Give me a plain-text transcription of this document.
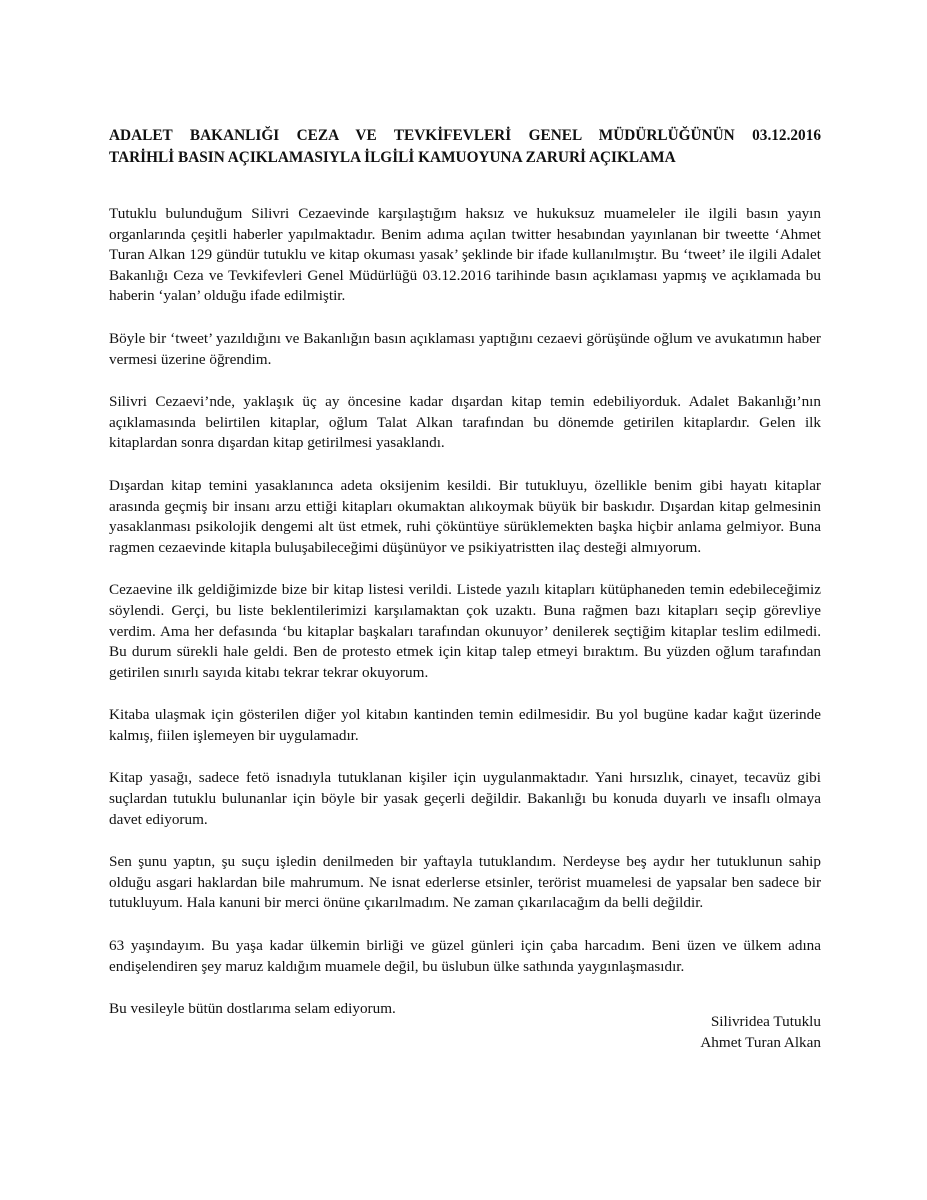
ADALET BAKANLIĞI CEZA VE TEVKİFEVLERİ GENEL MÜDÜRLÜĞÜNÜN 03.12.2016
TARİHLİ BASIN AÇIKLAMASIYLA İLGİLİ KAMUOYUNA ZARURİ AÇIKLAMA

Tutuklu bulunduğum Silivri Cezaevinde karşılaştığım haksız ve hukuksuz muameleler ile ilgili basın yayın organlarında çeşitli haberler yapılmaktadır. Benim adıma açılan twitter hesabından yayınlanan bir tweette ‘Ahmet Turan Alkan 129 gündür tutuklu ve kitap okuması yasak’ şeklinde bir ifade kullanılmıştır. Bu ‘tweet’ ile ilgili Adalet Bakanlığı Ceza ve Tevkifevleri Genel Müdürlüğü 03.12.2016 tarihinde basın açıklaması yapmış ve açıklamada bu haberin ‘yalan’ olduğu ifade edilmiştir.

Böyle bir ‘tweet’ yazıldığını ve Bakanlığın basın açıklaması yaptığını cezaevi görüşünde oğlum ve avukatımın haber vermesi üzerine öğrendim.

Silivri Cezaevi’nde, yaklaşık üç ay öncesine kadar dışardan kitap temin edebiliyorduk. Adalet Bakanlığı’nın açıklamasında belirtilen kitaplar, oğlum Talat Alkan tarafından bu dönemde getirilen kitaplardır. Gelen ilk kitaplardan sonra dışardan kitap getirilmesi yasaklandı.

Dışardan kitap temini yasaklanınca adeta oksijenim kesildi. Bir tutukluyu, özellikle benim gibi hayatı kitaplar arasında geçmiş bir insanı arzu ettiği kitapları okumaktan alıkoymak büyük bir baskıdır. Dışardan kitap gelmesinin yasaklanması psikolojik dengemi alt üst etmek, ruhi çöküntüye sürüklemekten başka hiçbir anlama gelmiyor. Buna ragmen cezaevinde kitapla buluşabileceğimi düşünüyor ve psikiyatristten ilaç desteği almıyorum.

Cezaevine ilk geldiğimizde bize bir kitap listesi verildi. Listede yazılı kitapları kütüphaneden temin edebileceğimiz söylendi. Gerçi, bu liste beklentilerimizi karşılamaktan çok uzaktı. Buna rağmen bazı kitapları seçip görevliye verdim. Ama her defasında ‘bu kitaplar başkaları tarafından okunuyor’ denilerek seçtiğim kitaplar teslim edilmedi. Bu durum sürekli hale geldi. Ben de protesto etmek için kitap talep etmeyi bıraktım. Bu yüzden oğlum tarafından getirilen sınırlı sayıda kitabı tekrar tekrar okuyorum.

Kitaba ulaşmak için gösterilen diğer yol kitabın kantinden temin edilmesidir. Bu yol bugüne kadar kağıt üzerinde kalmış, fiilen işlemeyen bir uygulamadır.

Kitap yasağı, sadece fetö isnadıyla tutuklanan kişiler için uygulanmaktadır. Yani hırsızlık, cinayet, tecavüz gibi suçlardan tutuklu bulunanlar için böyle bir yasak geçerli değildir. Bakanlığı bu konuda duyarlı ve insaflı olmaya davet ediyorum.

Sen şunu yaptın, şu suçu işledin denilmeden bir yaftayla tutuklandım. Nerdeyse beş aydır her tutuklunun sahip olduğu asgari haklardan bile mahrumum. Ne isnat ederlerse etsinler, terörist muamelesi de yapsalar ben sadece bir tutukluyum. Hala kanuni bir merci önüne çıkarılmadım. Ne zaman çıkarılacağım da belli değildir.

63 yaşındayım. Bu yaşa kadar ülkemin birliği ve güzel günleri için çaba harcadım. Beni üzen ve ülkem adına endişelendiren şey maruz kaldığım muamele değil, bu üslubun ülke sathında yaygınlaşmasıdır.

Bu vesileyle bütün dostlarıma selam ediyorum.

Silivridea Tutuklu
Ahmet Turan Alkan
